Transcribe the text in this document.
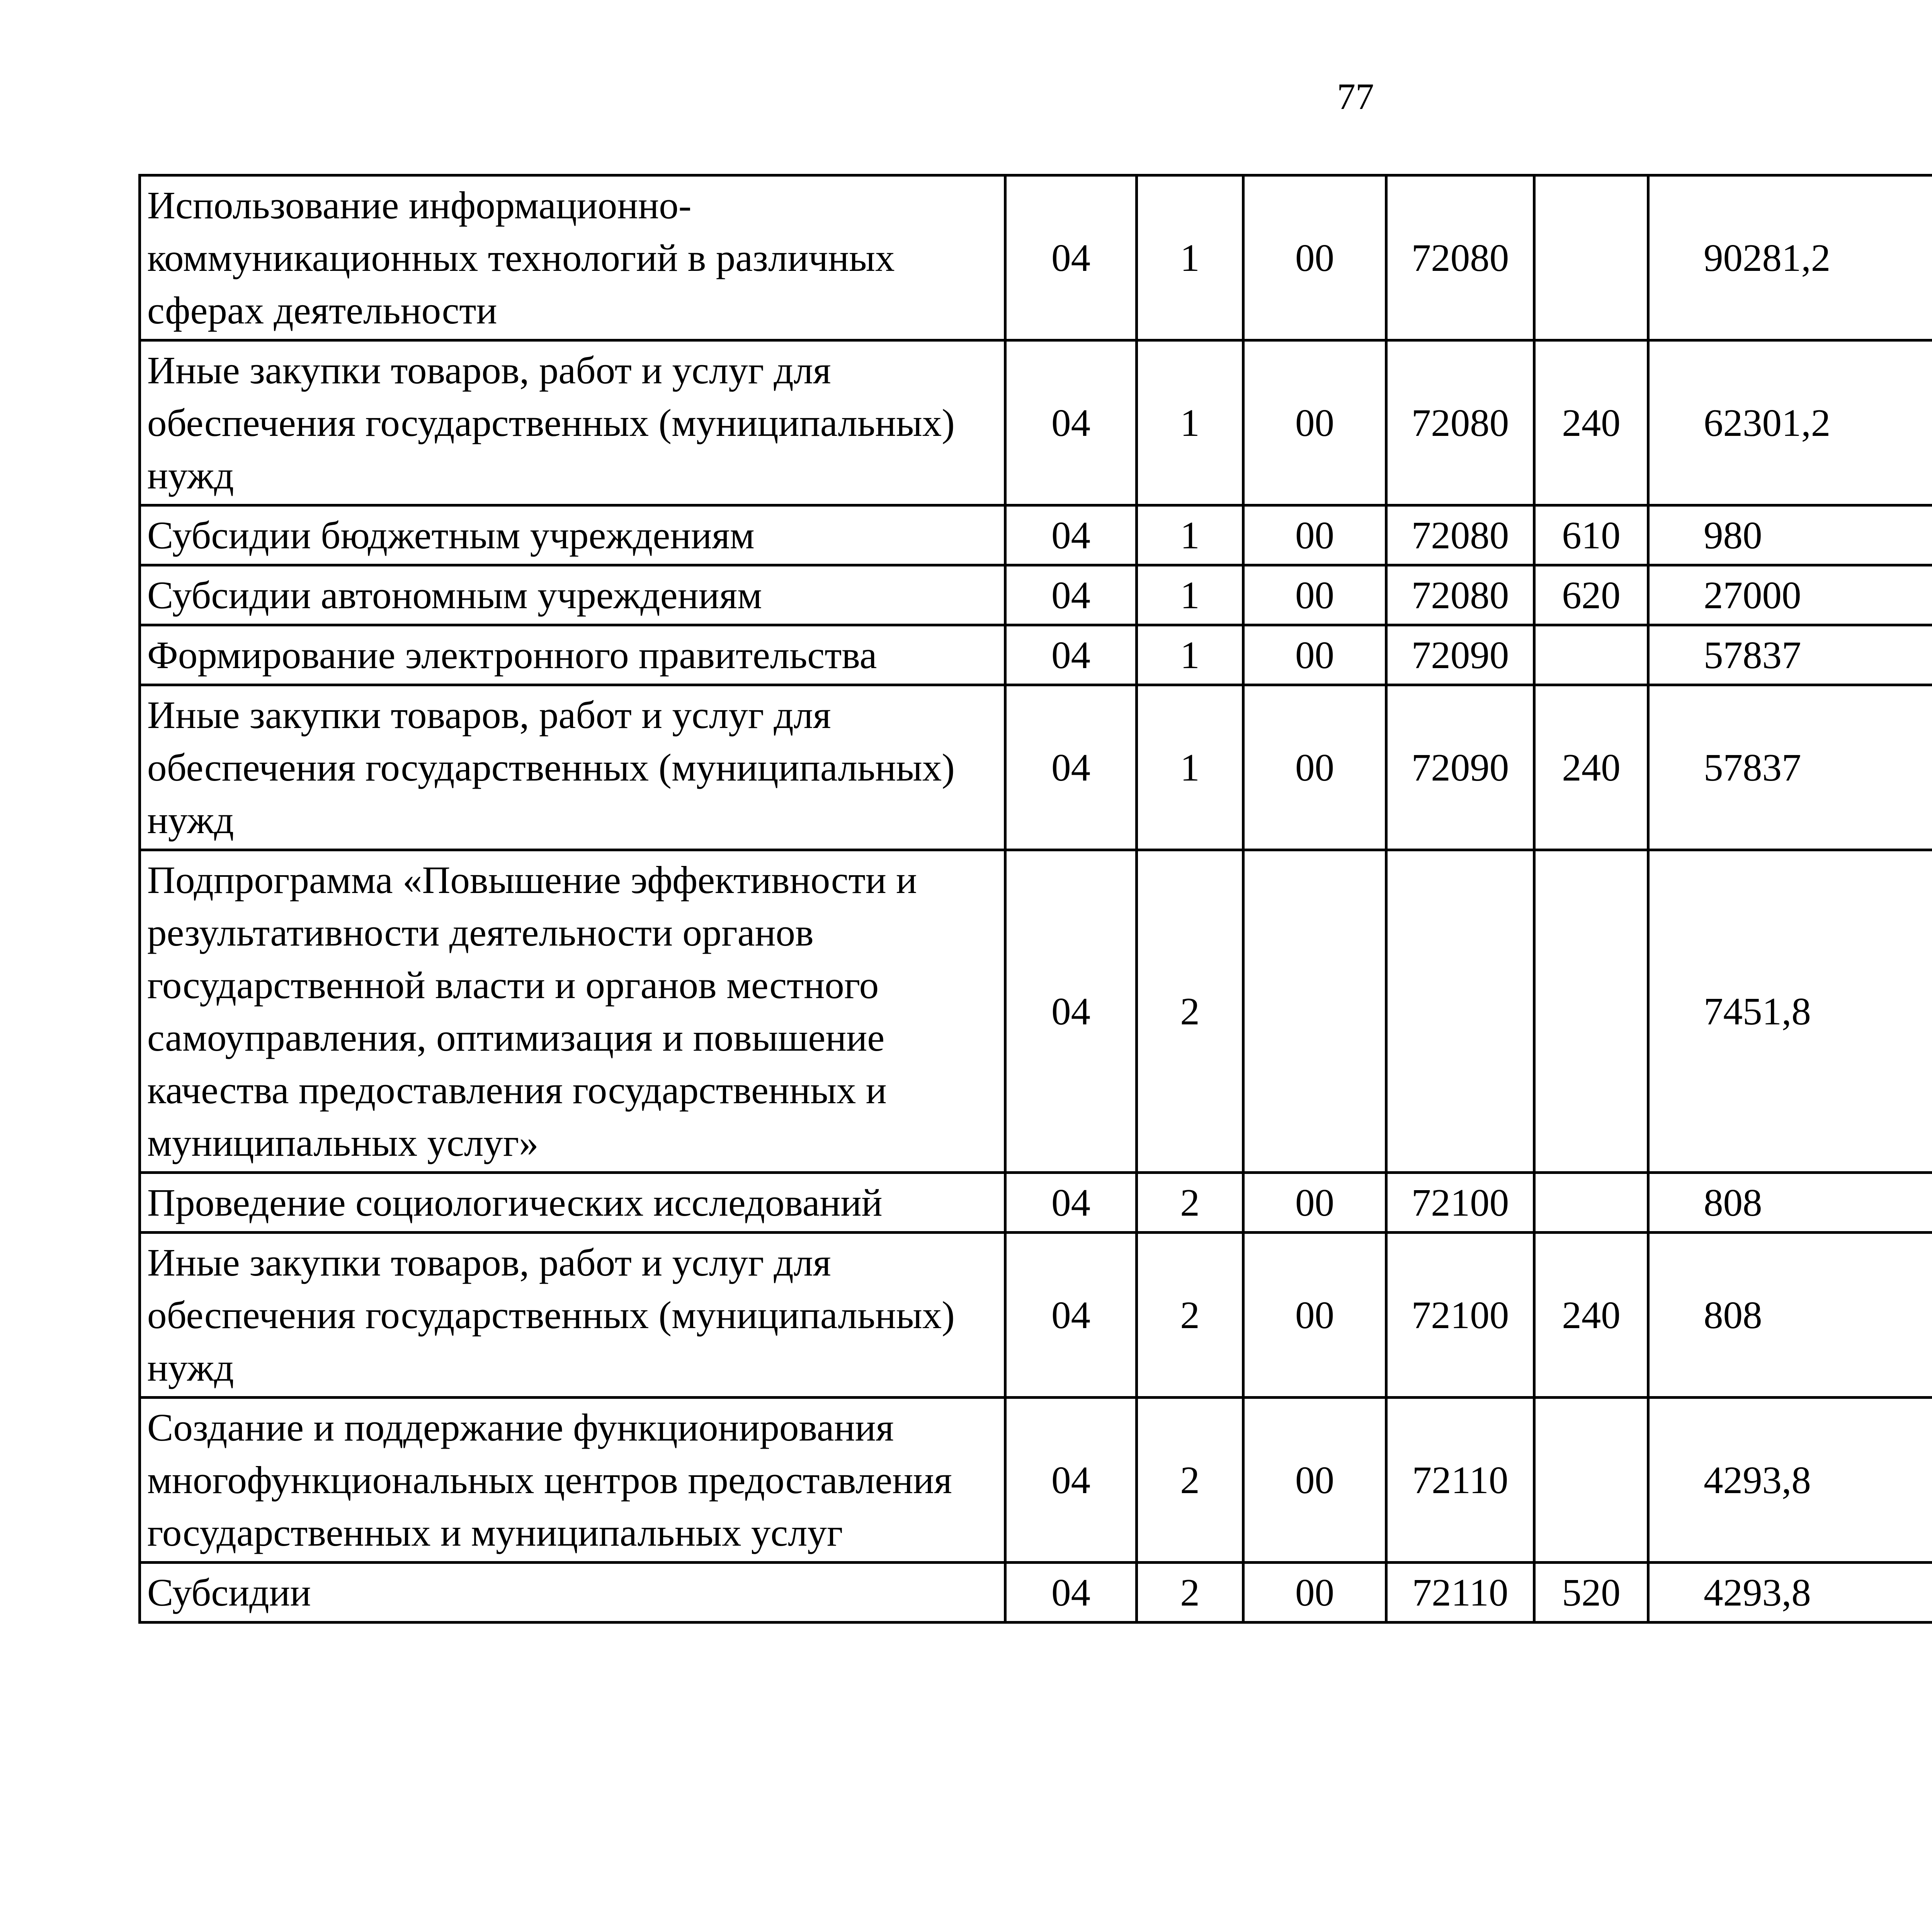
77
Использование информационно-коммуникационных технологий в различных сферах деятельности	04	1	00	72080		90281,2		
Иные закупки товаров, работ и услуг для обеспечения государственных (муниципальных) нужд	04	1	00	72080	240	62301,2		
Субсидии бюджетным учреждениям	04	1	00	72080	610	980		
Субсидии автономным учреждениям	04	1	00	72080	620	27000		
Формирование электронного правительства	04	1	00	72090		57837		
Иные закупки товаров, работ и услуг для обеспечения государственных (муниципальных) нужд	04	1	00	72090	240	57837		
Подпрограмма «Повышение эффективности и результативности деятельности органов государственной власти и органов местного самоуправления, оптимизация и повышение качества предоставления государственных и муниципальных услуг»	04	2				7451,8		
Проведение социологических исследований	04	2	00	72100		808		
Иные закупки товаров, работ и услуг для обеспечения государственных (муниципальных) нужд	04	2	00	72100	240	808		
Создание и поддержание функционирования многофункциональных центров предоставления государственных и муниципальных услуг	04	2	00	72110		4293,8		
Субсидии	04	2	00	72110	520	4293,8		
